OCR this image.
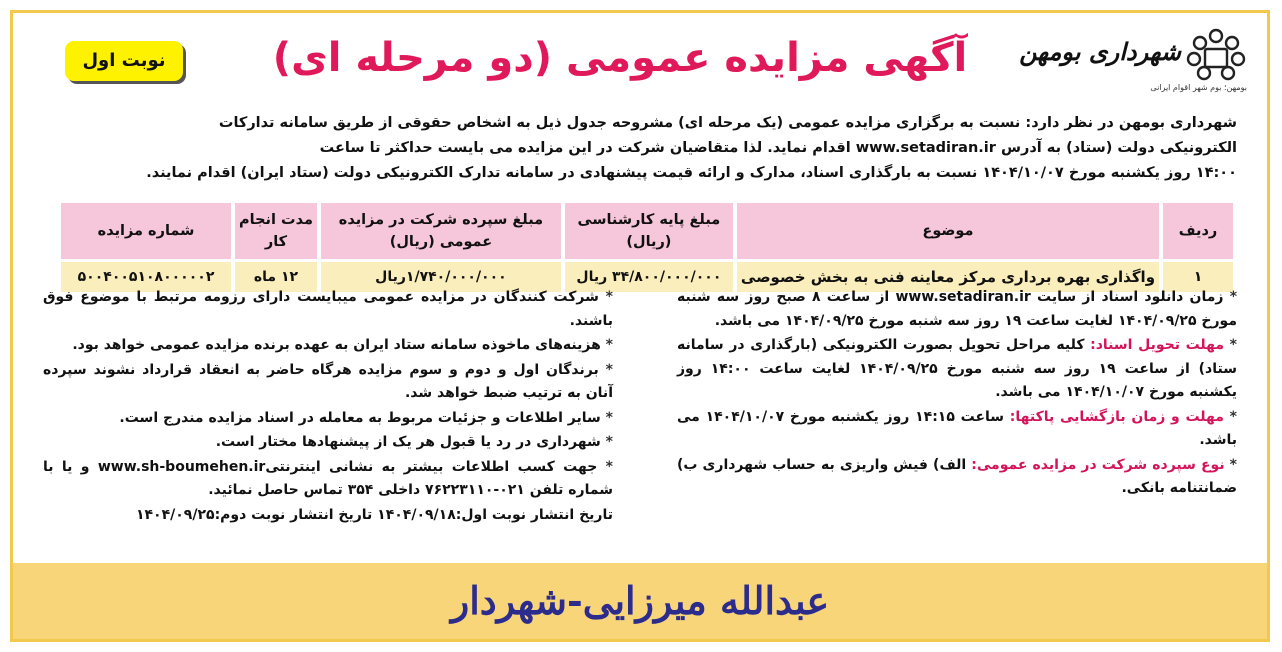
شهرداری بومهن
بومهن؛ بوم شهر اقوام ایرانی
آگهی مزایده عمومی (دو مرحله ای)
نوبت اول

شهرداری بومهن در نظر دارد: نسبت به برگزاری مزایده عمومی (یک مرحله ای) مشروحه جدول ذیل به اشخاص حقوقی از طریق سامانه تدارکات

الکترونیکی دولت (ستاد) به آدرس www.setadiran.ir اقدام نماید. لذا متقاضیان شرکت در این مزایده می بایست حداکثر تا ساعت

۱۴:۰۰ روز یکشنبه مورخ ۱۴۰۴/۱۰/۰۷ نسبت به بارگذاری اسناد، مدارک و ارائه قیمت پیشنهادی در سامانه تدارک الکترونیکی دولت (ستاد ایران) اقدام نمایند.

ردیف	موضوع	مبلغ پایه کارشناسی (ریال)	مبلغ سپرده شرکت در مزایده عمومی (ریال)	مدت انجام کار	شماره مزایده
۱	واگذاری بهره برداری مرکز معاینه فنی به بخش خصوصی	۳۴/۸۰۰/۰۰۰/۰۰۰ ریال	۱/۷۴۰/۰۰۰/۰۰۰ریال	۱۲ ماه	۵۰۰۴۰۰۵۱۰۸۰۰۰۰۰۲

* زمان دانلود اسناد از سایت www.setadiran.ir از ساعت ۸ صبح روز سه شنبه مورخ ۱۴۰۴/۰۹/۲۵ لغایت ساعت ۱۹ روز سه شنبه مورخ ۱۴۰۴/۰۹/۲۵ می باشد.

* مهلت تحویل اسناد: کلیه مراحل تحویل بصورت الکترونیکی (بارگذاری در سامانه ستاد) از ساعت ۱۹ روز سه شنبه مورخ ۱۴۰۴/۰۹/۲۵ لغایت ساعت ۱۴:۰۰ روز یکشنبه مورخ ۱۴۰۴/۱۰/۰۷ می باشد.

* مهلت و زمان بازگشایی پاکتها: ساعت ۱۴:۱۵ روز یکشنبه مورخ ۱۴۰۴/۱۰/۰۷ می باشد.

* نوع سپرده شرکت در مزایده عمومی: الف) فیش واریزی به حساب شهرداری ب) ضمانتنامه بانکی.

* شرکت کنندگان در مزایده عمومی میبایست دارای رزومه مرتبط با موضوع فوق باشند.

* هزینه‌های ماخوذه سامانه ستاد ایران به عهده برنده مزایده عمومی خواهد بود.

* برندگان اول و دوم و سوم مزایده هرگاه حاضر به انعقاد قرارداد نشوند سپرده آنان به ترتیب ضبط خواهد شد.

* سایر اطلاعات و جزئیات مربوط به معامله در اسناد مزایده مندرج است.

* شهرداری در رد یا قبول هر یک از پیشنهادها مختار است.

* جهت کسب اطلاعات بیشتر به نشانی اینترنتیwww.sh-boumehen.ir و یا با شماره تلفن ۰۲۱-۷۶۲۲۳۱۱۰ داخلی ۳۵۴ تماس حاصل نمائید.

تاریخ انتشار نوبت اول:۱۴۰۴/۰۹/۱۸ تاریخ انتشار نوبت دوم:۱۴۰۴/۰۹/۲۵

عبدالله میرزایی-شهردار
